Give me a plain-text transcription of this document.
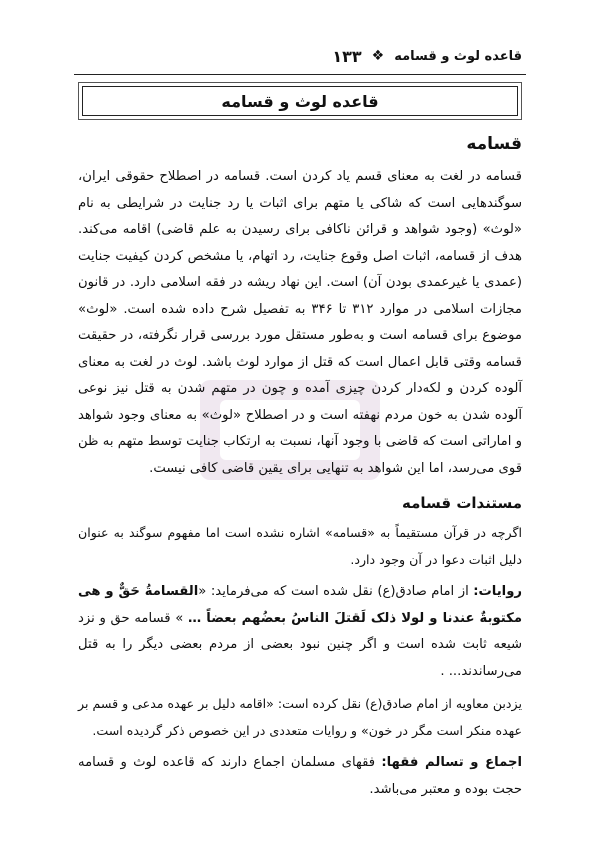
قاعده لوث و قسامه
❖
۱۳۳
قاعده لوث و قسامه
قسامه

قسامه در لغت به معنای قسم یاد کردن است. قسامه در اصطلاح حقوقی ایران، سوگندهایی است که شاکی یا متهم برای اثبات یا رد جنایت در شرایطی به نام «لوث» (وجود شواهد و قرائن ناکافی برای رسیدن به علم قاضی) اقامه می‌کند. هدف از قسامه، اثبات اصل وقوع جنایت، رد اتهام، یا مشخص کردن کیفیت جنایت (عمدی یا غیرعمدی بودن آن) است. این نهاد ریشه در فقه اسلامی دارد. در قانون مجازات اسلامی در موارد ۳۱۲ تا ۳۴۶ به تفصیل شرح داده شده است. «لوث» موضوع برای قسامه است و به‌طور مستقل مورد بررسی قرار نگرفته، در حقیقت قسامه وقتی قابل اعمال است که قتل از موارد لوث باشد. لوث در لغت به معنای آلوده کردن و لکه‌دار کردن چیزی آمده و چون در متهم شدن به قتل نیز نوعی آلوده شدن به خون مردم نهفته است و در اصطلاح «لوث» به معنای وجود شواهد و اماراتی است که قاضی با وجود آنها، نسبت به ارتکاب جنایت توسط متهم به ظن قوی می‌رسد، اما این شواهد به تنهایی برای یقین قاضی کافی نیست.

مستندات قسامه

اگرچه در قرآن مستقیماً به «قسامه» اشاره نشده است اما مفهوم سوگند به عنوان دلیل اثبات دعوا در آن وجود دارد.

روایات: از امام صادق(ع) نقل شده است که می‌فرماید: «القسامةُ حَقٌّ و هی مکتوبةٌ عندنا و لولا ذلک لَقتلَ الناسُ بعضُهم بعضاً … » قسامه حق و نزد شیعه ثابت شده است و اگر چنین نبود بعضی از مردم بعضی دیگر را به قتل می‌رساندند... .

یزدبن معاویه از امام صادق(ع) نقل کرده است: «اقامه دلیل بر عهده مدعی و قسم بر عهده منکر است مگر در خون» و روایات متعددی در این خصوص ذکر گردیده است.

اجماع و تسالم فقها: فقهای مسلمان اجماع دارند که قاعده لوث و قسامه حجت بوده و معتبر می‌باشد.
